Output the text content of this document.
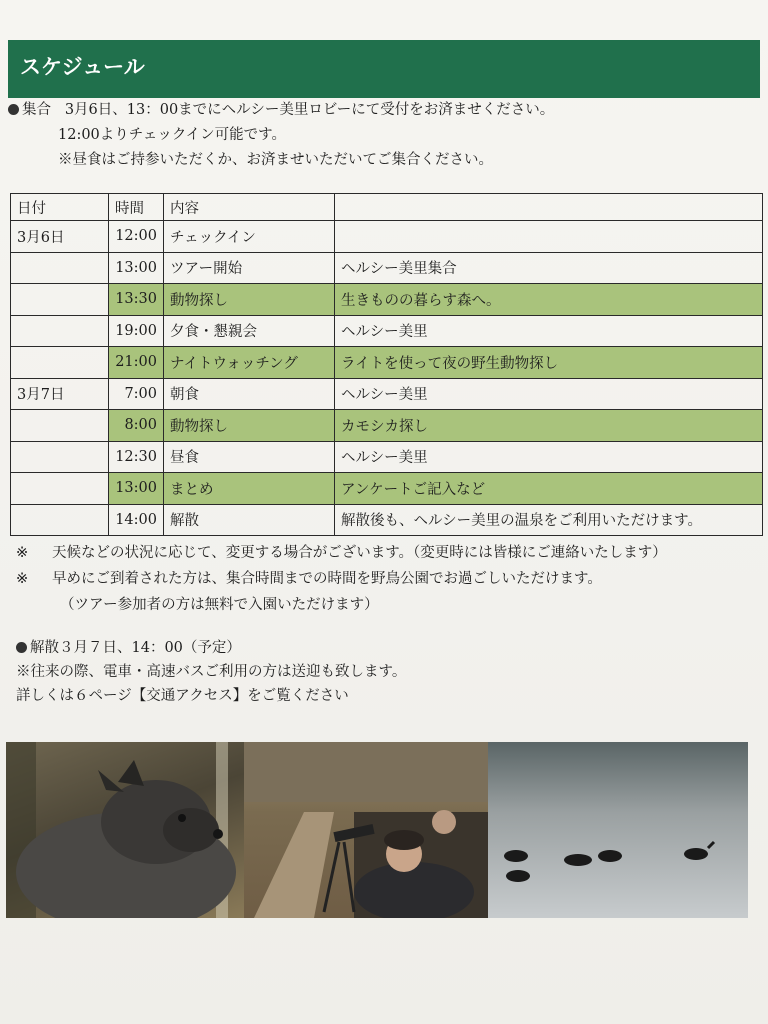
スケジュール
集合 3月6日、13：00までにヘルシー美里ロビーにて受付をお済ませください。
12:00よりチェックイン可能です。
※昼食はご持参いただくか、お済ませいただいてご集合ください。
日付	時間	内容	
3月6日	12:00	チェックイン	
	13:00	ツアー開始	ヘルシー美里集合
	13:30	動物探し	生きものの暮らす森へ。
	19:00	夕食・懇親会	ヘルシー美里
	21:00	ナイトウォッチング	ライトを使って夜の野生動物探し
3月7日	7:00	朝食	ヘルシー美里
	8:00	動物探し	カモシカ探し
	12:30	昼食	ヘルシー美里
	13:00	まとめ	アンケートご記入など
	14:00	解散	解散後も、ヘルシー美里の温泉をご利用いただけます。
※ 天候などの状況に応じて、変更する場合がございます。（変更時には皆様にご連絡いたします）
※ 早めにご到着された方は、集合時間までの時間を野鳥公園でお過ごしいただけます。
（ツアー参加者の方は無料で入園いただけます）
解散３月７日、14：00（予定）
※往来の際、電車・高速バスご利用の方は送迎も致します。
詳しくは６ページ【交通アクセス】をご覧ください
